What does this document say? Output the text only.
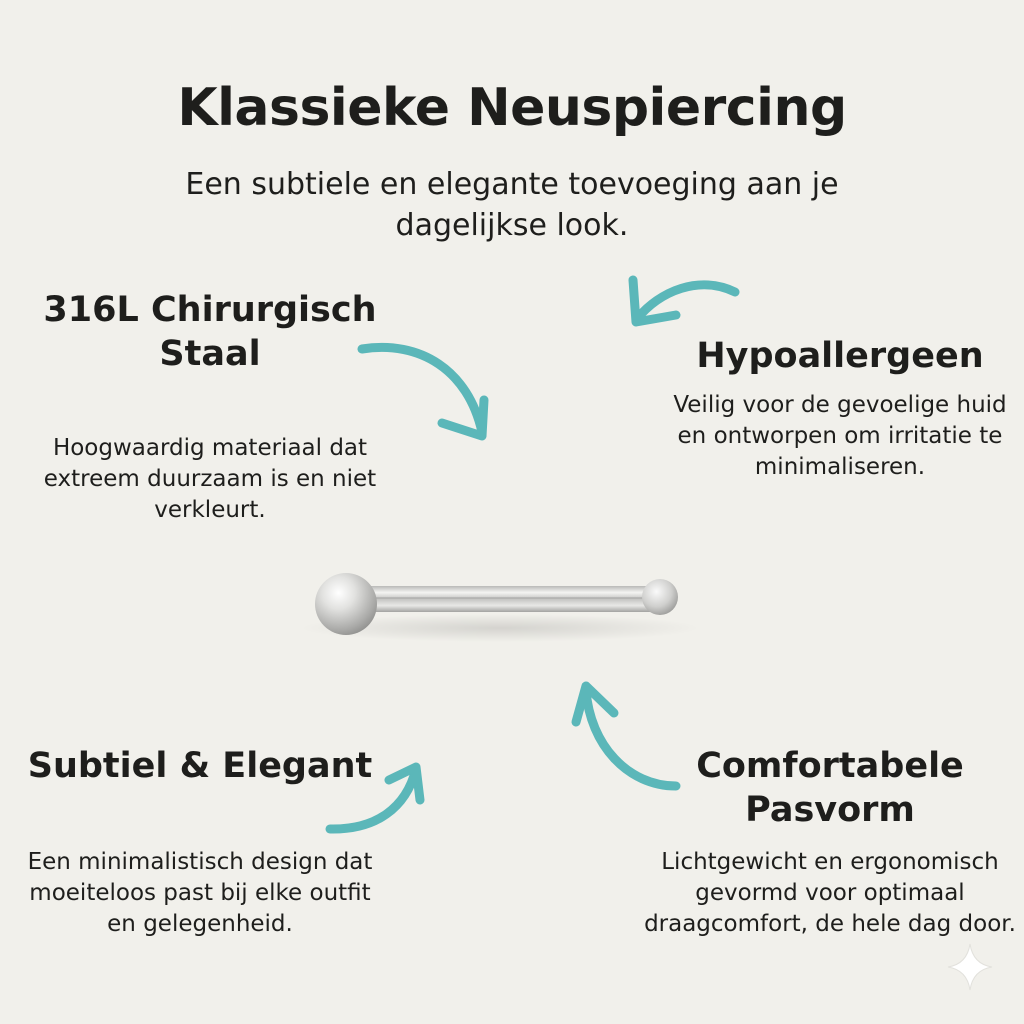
Klassieke Neuspiercing

Een subtiele en elegante toevoeging aan je dagelijkse look.

316L Chirurgisch Staal

Hoogwaardig materiaal dat extreem duurzaam is en niet verkleurt.

Hypoallergeen

Veilig voor de gevoelige huid en ontworpen om irritatie te minimaliseren.

Subtiel & Elegant

Een minimalistisch design dat moeiteloos past bij elke outfit en gelegenheid.

Comfortabele Pasvorm

Lichtgewicht en ergonomisch gevormd voor optimaal draagcomfort, de hele dag door.
